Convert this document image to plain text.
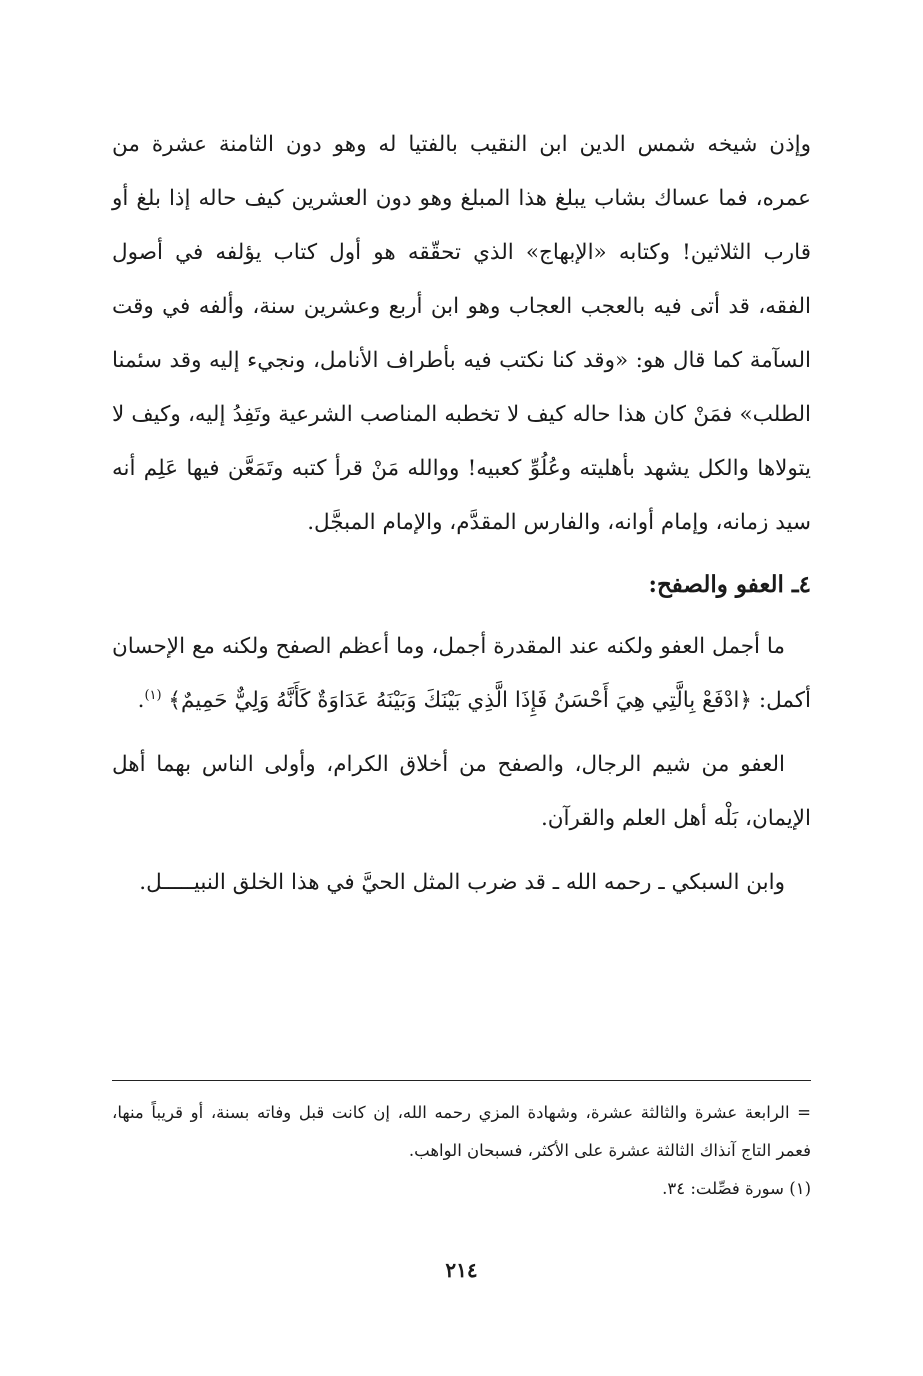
وإذن شيخه شمس الدين ابن النقيب بالفتيا له وهو دون الثامنة عشرة من عمره، فما عساك بشاب يبلغ هذا المبلغ وهو دون العشرين كيف حاله إذا بلغ أو قارب الثلاثين! وكتابه «الإبهاج» الذي تحقّقه هو أول كتاب يؤلفه في أصول الفقه، قد أتى فيه بالعجب العجاب وهو ابن أربع وعشرين سنة، وألفه في وقت السآمة كما قال هو: «وقد كنا نكتب فيه بأطراف الأنامل، ونجيء إليه وقد سئمنا الطلب» فمَنْ كان هذا حاله كيف لا تخطبه المناصب الشرعية وتَفِدُ إليه، وكيف لا يتولاها والكل يشهد بأهليته وعُلُوِّ كعبيه! ووالله مَنْ قرأ كتبه وتَمَعَّن فيها عَلِم أنه سيد زمانه، وإمام أوانه، والفارس المقدَّم، والإمام المبجَّل.

٤ـ العفو والصفح:

ما أجمل العفو ولكنه عند المقدرة أجمل، وما أعظم الصفح ولكنه مع الإحسان أكمل: ﴿ادْفَعْ بِالَّتِي هِيَ أَحْسَنُ فَإِذَا الَّذِي بَيْنَكَ وَبَيْنَهُ عَدَاوَةٌ كَأَنَّهُ وَلِيٌّ حَمِيمٌ﴾ $^{(١)}$.

العفو من شيم الرجال، والصفح من أخلاق الكرام، وأولى الناس بهما أهل الإيمان، بَلْه أهل العلم والقرآن.

وابن السبكي ـ رحمه الله ـ قد ضرب المثل الحيَّ في هذا الخلق النبيـــــل.

= الرابعة عشرة والثالثة عشرة، وشهادة المزي رحمه الله، إن كانت قبل وفاته بسنة، أو قريباً منها، فعمر التاج آنذاك الثالثة عشرة على الأكثر، فسبحان الواهب.

(١) سورة فصِّلت: ٣٤.

٢١٤
